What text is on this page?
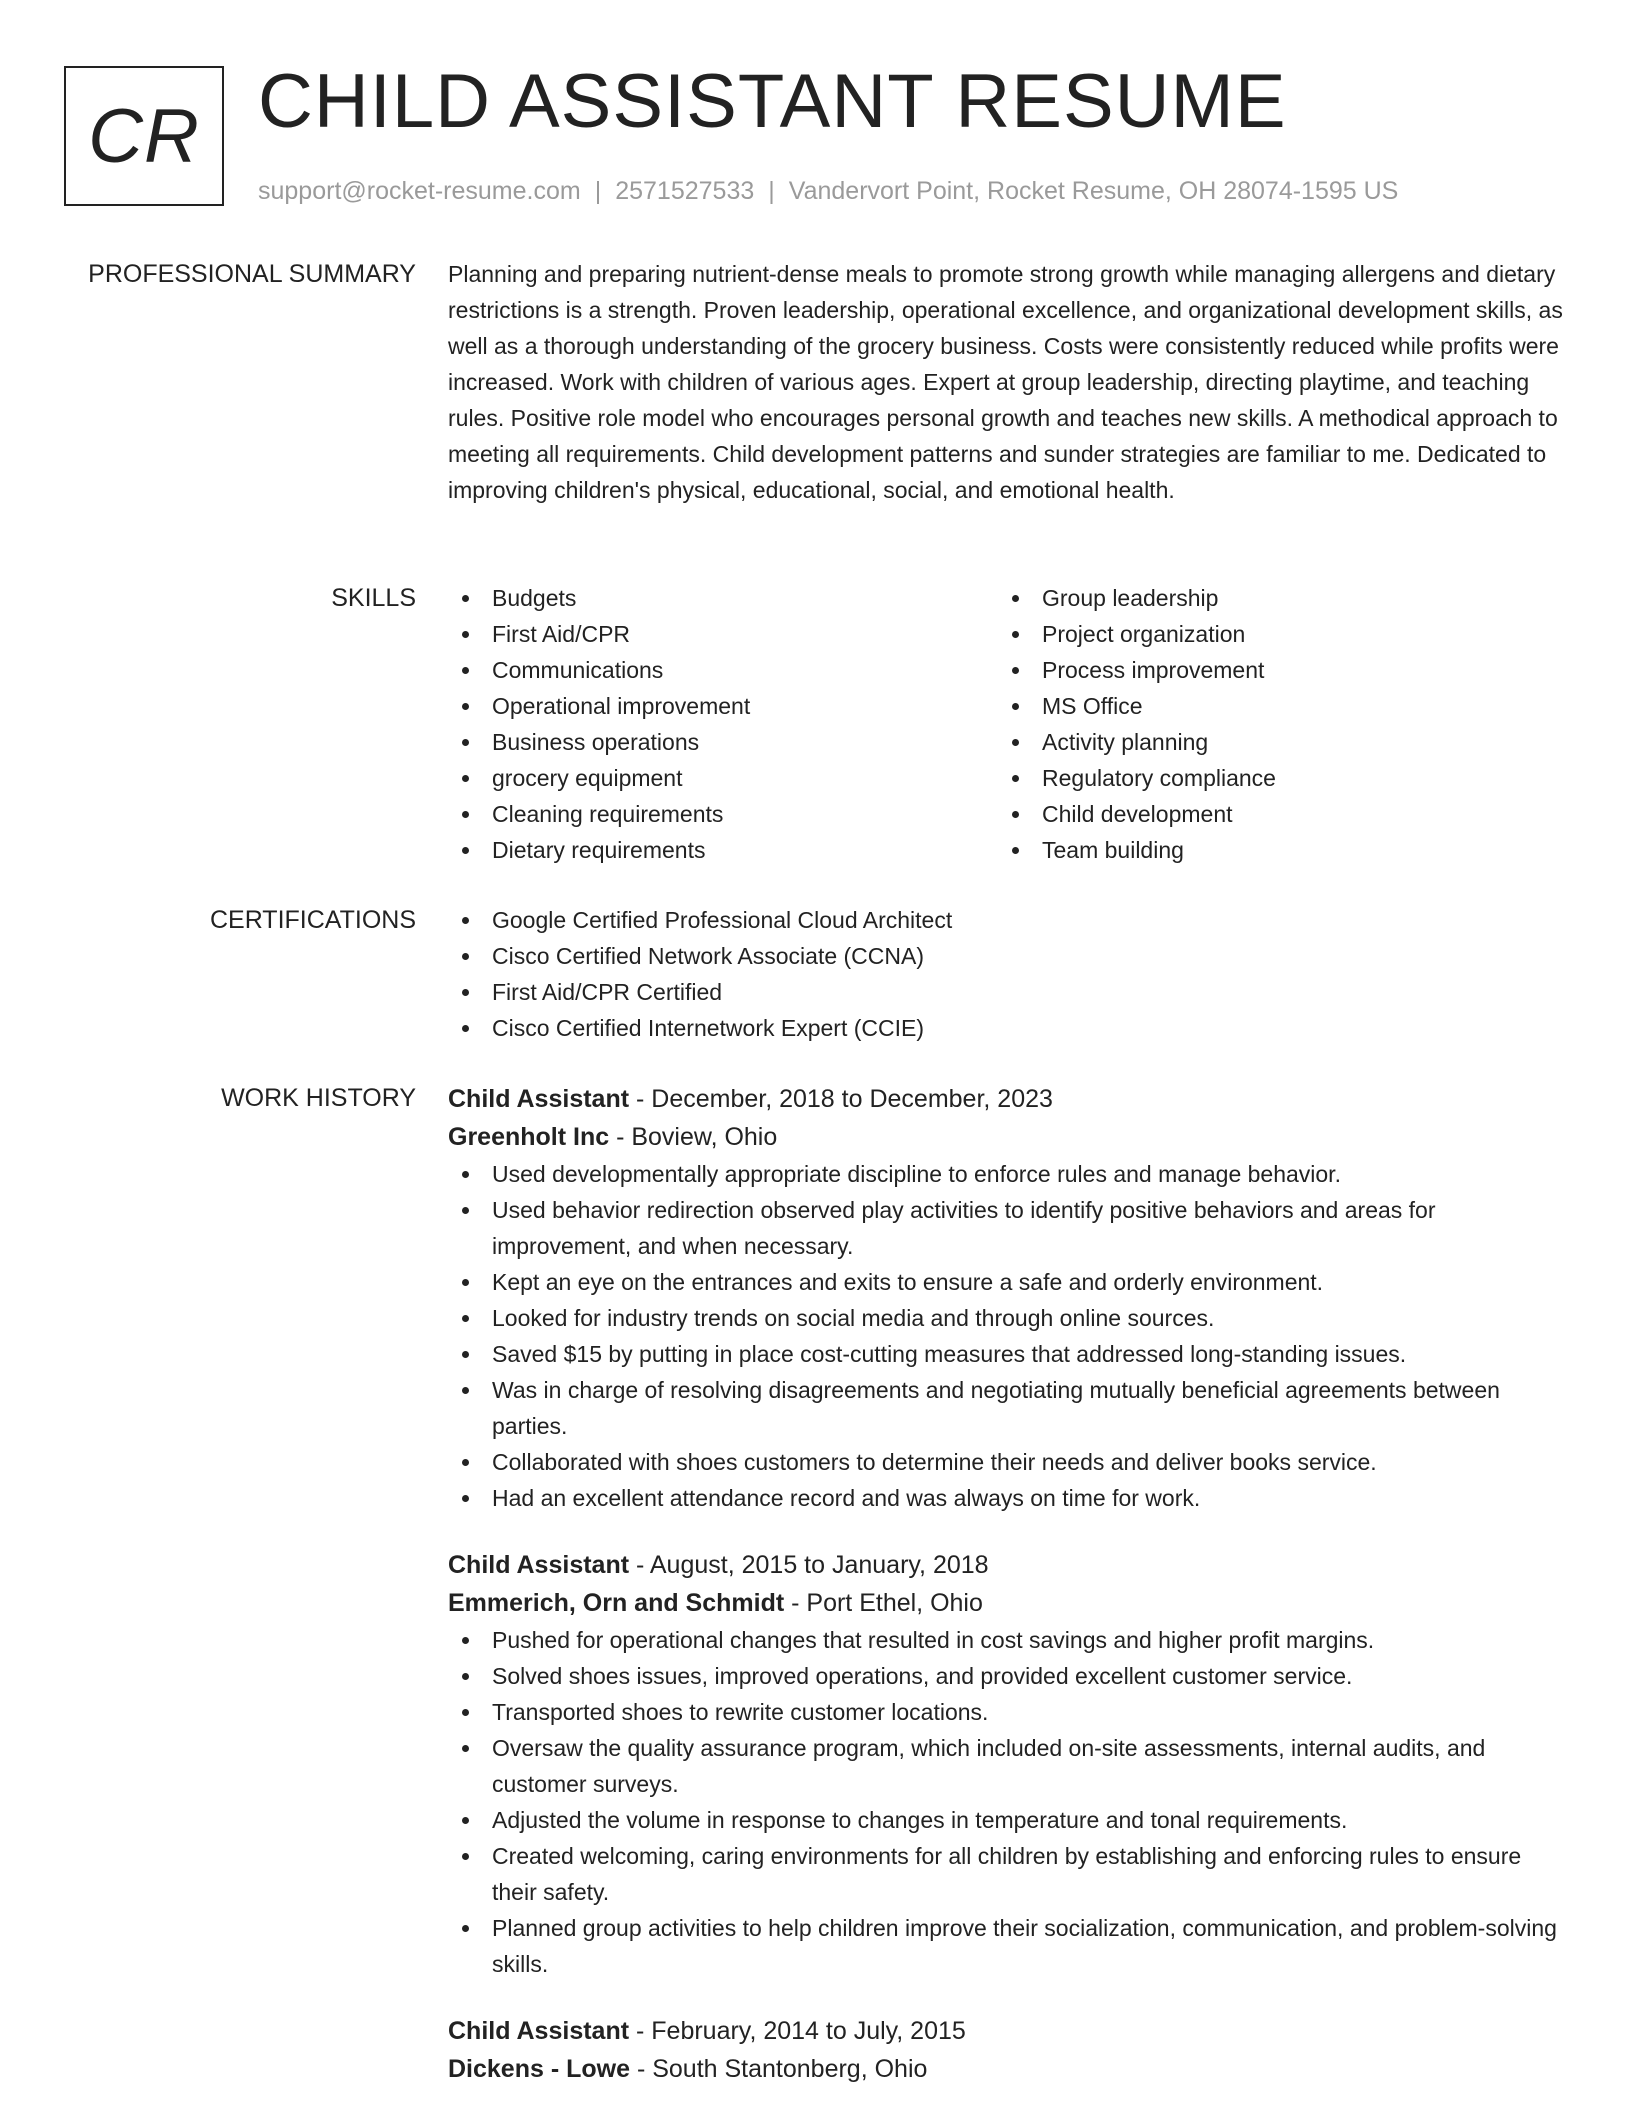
CR CHILD ASSISTANT RESUME
support@rocket-resume.com | 2571527533 | Vandervort Point, Rocket Resume, OH 28074-1595 US
PROFESSIONAL SUMMARY Planning and preparing nutrient-dense meals to promote strong growth while managing allergens and dietary restrictions is a strength. Proven leadership, operational excellence, and organizational development skills, as well as a thorough understanding of the grocery business. Costs were consistently reduced while profits were increased. Work with children of various ages. Expert at group leadership, directing playtime, and teaching rules. Positive role model who encourages personal growth and teaches new skills. A methodical approach to meeting all requirements. Child development patterns and sunder strategies are familiar to me. Dedicated to improving children's physical, educational, social, and emotional health.

SKILLS	Budgets
First Aid/CPR
Communications
Operational improvement
Business operations
grocery equipment
Cleaning requirements
Dietary requirements
Group leadership
Project organization
Process improvement
MS Office
Activity planning
Regulatory compliance
Child development
Team building
CERTIFICATIONS	Google Certified Professional Cloud Architect
Cisco Certified Network Associate (CCNA)
First Aid/CPR Certified
Cisco Certified Internetwork Expert (CCIE)
WORK HISTORY Child Assistant - December, 2018 to December, 2023
Greenholt Inc - Boview, Ohio
Used developmentally appropriate discipline to enforce rules and manage behavior.
Used behavior redirection observed play activities to identify positive behaviors and areas for improvement, and when necessary.
Kept an eye on the entrances and exits to ensure a safe and orderly environment.
Looked for industry trends on social media and through online sources.
Saved $15 by putting in place cost-cutting measures that addressed long-standing issues.
Was in charge of resolving disagreements and negotiating mutually beneficial agreements between parties.
Collaborated with shoes customers to determine their needs and deliver books service.
Had an excellent attendance record and was always on time for work.
Child Assistant - August, 2015 to January, 2018
Emmerich, Orn and Schmidt - Port Ethel, Ohio
Pushed for operational changes that resulted in cost savings and higher profit margins.
Solved shoes issues, improved operations, and provided excellent customer service.
Transported shoes to rewrite customer locations.
Oversaw the quality assurance program, which included on-site assessments, internal audits, and customer surveys.
Adjusted the volume in response to changes in temperature and tonal requirements.
Created welcoming, caring environments for all children by establishing and enforcing rules to ensure their safety.
Planned group activities to help children improve their socialization, communication, and problem-solving skills.
Child Assistant - February, 2014 to July, 2015
Dickens - Lowe - South Stantonberg, Ohio
